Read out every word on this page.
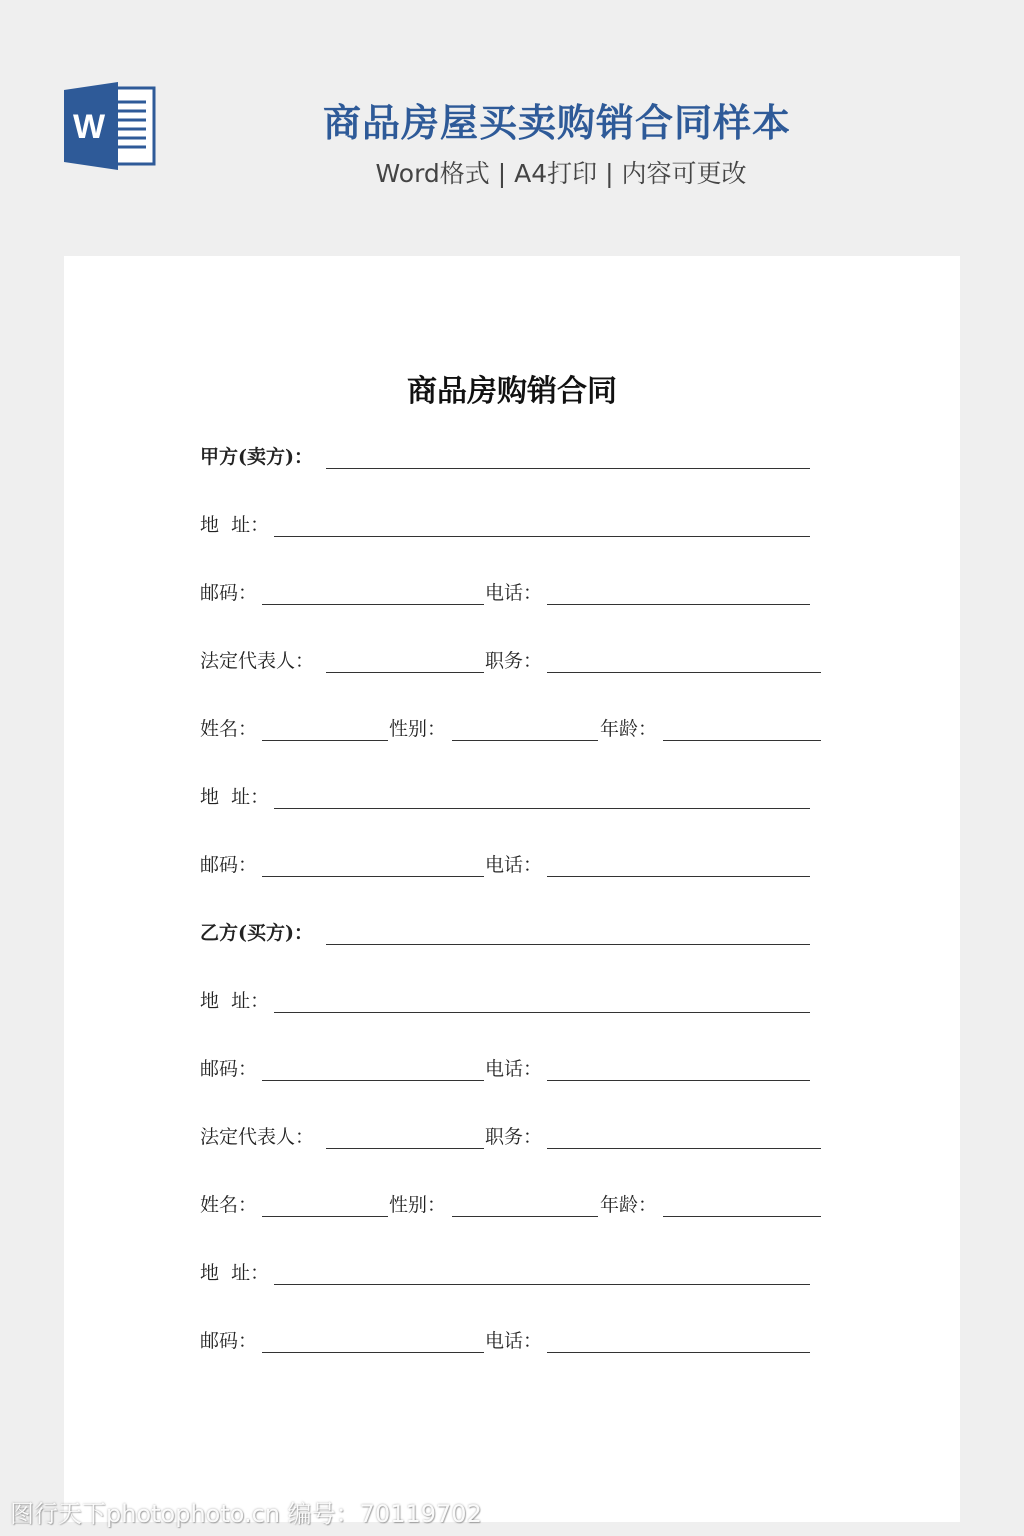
W	商品房屋买卖购销合同样本
Word格式 | A4打印 | 内容可更改
商品房购销合同
甲方(卖方)：
地  址：
邮码：	电话：
法定代表人：	职务：
姓名：	性别：	年龄：
地  址：
邮码：	电话：
乙方(买方)：
地  址：
邮码：	电话：
法定代表人：	职务：
姓名：	性别：	年龄：
地  址：
邮码：	电话：
图行天下photophoto.cn 编号：70119702
